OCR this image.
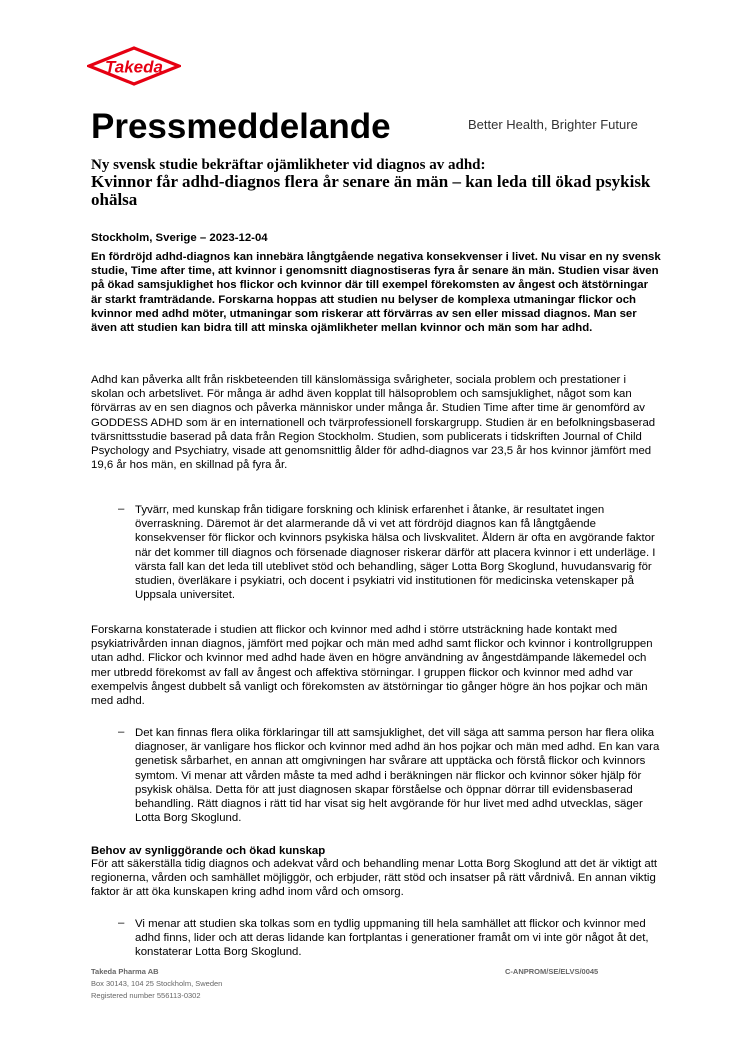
Takeda
Pressmeddelande	Better Health, Brighter Future
Ny svensk studie bekräftar ojämlikheter vid diagnos av adhd:
Kvinnor får adhd-diagnos flera år senare än män – kan leda till ökad psykisk ohälsa
Stockholm, Sverige – 2023-12-04
En fördröjd adhd-diagnos kan innebära långtgående negativa konsekvenser i livet. Nu visar en ny svensk studie, Time after time, att kvinnor i genomsnitt diagnostiseras fyra år senare än män. Studien visar även på ökad samsjuklighet hos flickor och kvinnor där till exempel förekomsten av ångest och ätstörningar är starkt framträdande. Forskarna hoppas att studien nu belyser de komplexa utmaningar flickor och kvinnor med adhd möter, utmaningar som riskerar att förvärras av sen eller missad diagnos. Man ser även att studien kan bidra till att minska ojämlikheter mellan kvinnor och män som har adhd.
Adhd kan påverka allt från riskbeteenden till känslomässiga svårigheter, sociala problem och prestationer i skolan och arbetslivet. För många är adhd även kopplat till hälsoproblem och samsjuklighet, något som kan förvärras av en sen diagnos och påverka människor under många år. Studien Time after time är genomförd av GODDESS ADHD som är en internationell och tvärprofessionell forskargrupp. Studien är en befolkningsbaserad tvärsnittsstudie baserad på data från Region Stockholm. Studien, som publicerats i tidskriften Journal of Child Psychology and Psychiatry, visade att genomsnittlig ålder för adhd-diagnos var 23,5 år hos kvinnor jämfört med 19,6 år hos män, en skillnad på fyra år.
– Tyvärr, med kunskap från tidigare forskning och klinisk erfarenhet i åtanke, är resultatet ingen överraskning. Däremot är det alarmerande då vi vet att fördröjd diagnos kan få långtgående konsekvenser för flickor och kvinnors psykiska hälsa och livskvalitet. Åldern är ofta en avgörande faktor när det kommer till diagnos och försenade diagnoser riskerar därför att placera kvinnor i ett underläge. I värsta fall kan det leda till uteblivet stöd och behandling, säger Lotta Borg Skoglund, huvudansvarig för studien, överläkare i psykiatri, och docent i psykiatri vid institutionen för medicinska vetenskaper på Uppsala universitet.
Forskarna konstaterade i studien att flickor och kvinnor med adhd i större utsträckning hade kontakt med psykiatrivården innan diagnos, jämfört med pojkar och män med adhd samt flickor och kvinnor i kontrollgruppen utan adhd. Flickor och kvinnor med adhd hade även en högre användning av ångestdämpande läkemedel och mer utbredd förekomst av fall av ångest och affektiva störningar. I gruppen flickor och kvinnor med adhd var exempelvis ångest dubbelt så vanligt och förekomsten av ätstörningar tio gånger högre än hos pojkar och män med adhd.
– Det kan finnas flera olika förklaringar till att samsjuklighet, det vill säga att samma person har flera olika diagnoser, är vanligare hos flickor och kvinnor med adhd än hos pojkar och män med adhd. En kan vara genetisk sårbarhet, en annan att omgivningen har svårare att upptäcka och förstå flickor och kvinnors symtom. Vi menar att vården måste ta med adhd i beräkningen när flickor och kvinnor söker hjälp för psykisk ohälsa. Detta för att just diagnosen skapar förståelse och öppnar dörrar till evidensbaserad behandling. Rätt diagnos i rätt tid har visat sig helt avgörande för hur livet med adhd utvecklas, säger Lotta Borg Skoglund.
Behov av synliggörande och ökad kunskap
För att säkerställa tidig diagnos och adekvat vård och behandling menar Lotta Borg Skoglund att det är viktigt att regionerna, vården och samhället möjliggör, och erbjuder, rätt stöd och insatser på rätt vårdnivå. En annan viktig faktor är att öka kunskapen kring adhd inom vård och omsorg.
– Vi menar att studien ska tolkas som en tydlig uppmaning till hela samhället att flickor och kvinnor med adhd finns, lider och att deras lidande kan fortplantas i generationer framåt om vi inte gör något åt det, konstaterar Lotta Borg Skoglund.
Takeda Pharma AB
Box 30143, 104 25 Stockholm, Sweden
Registered number 556113-0302
C-ANPROM/SE/ELVS/0045
